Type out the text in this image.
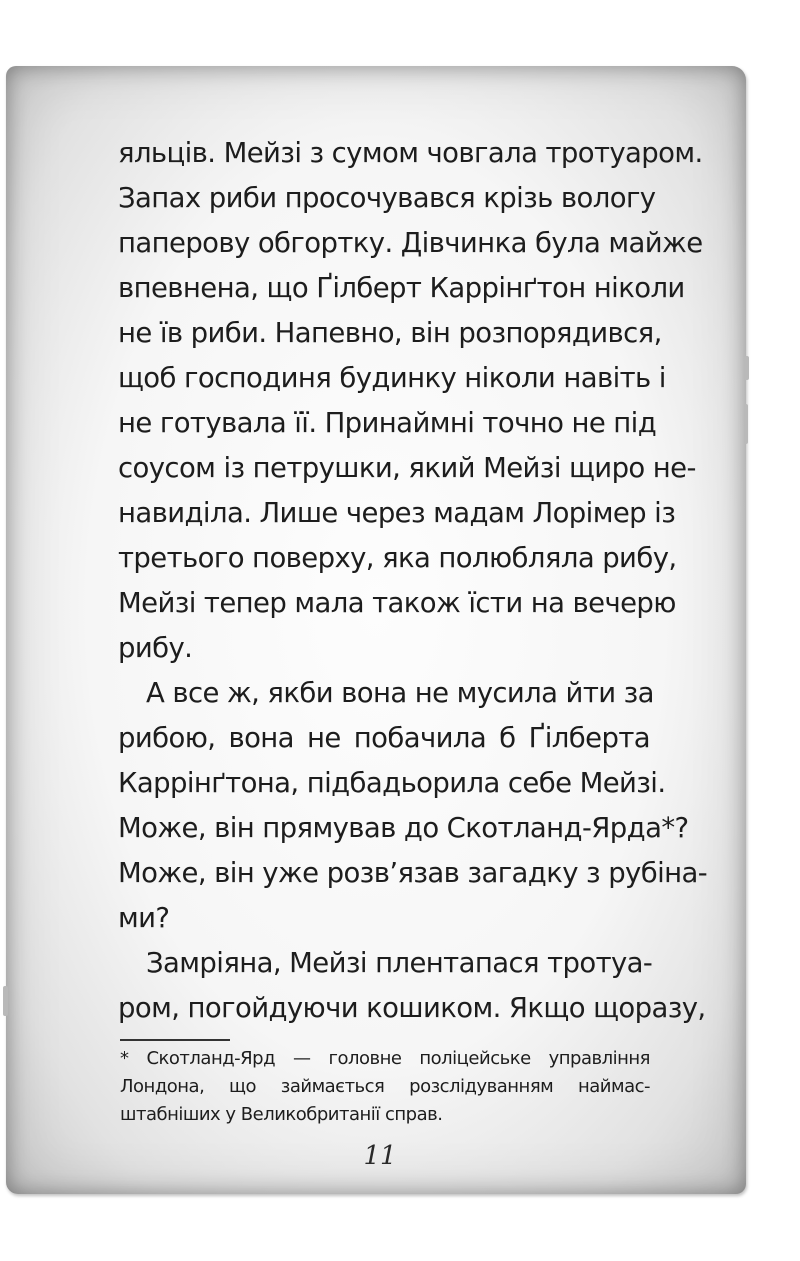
яльців. Мейзі з сумом човгала тротуаром.
Запах риби просочувався крізь вологу
паперову обгортку. Дівчинка була майже
впевнена, що Ґілберт Каррінґтон ніколи
не їв риби. Напевно, він розпорядився,
щоб господиня будинку ніколи навіть і
не готувала її. Принаймні точно не під
соусом із петрушки, який Мейзі щиро не-
навиділа. Лише через мадам Лорімер із
третього поверху, яка полюбляла рибу,
Мейзі тепер мала також їсти на вечерю
рибу.
А все ж, якби вона не мусила йти за
рибою, вона не побачила б Ґілберта
Каррінґтона, підбадьорила себе Мейзі.
Може, він прямував до Скотланд-Ярда*?
Може, він уже розв’язав загадку з рубіна-
ми?
Замріяна, Мейзі плентапася тротуа-
ром, погойдуючи кошиком. Якщо щоразу,
* Скотланд-Ярд — головне поліцейське управління
Лондона, що займається розслідуванням наймас-
штабніших у Великобританії справ.
11
